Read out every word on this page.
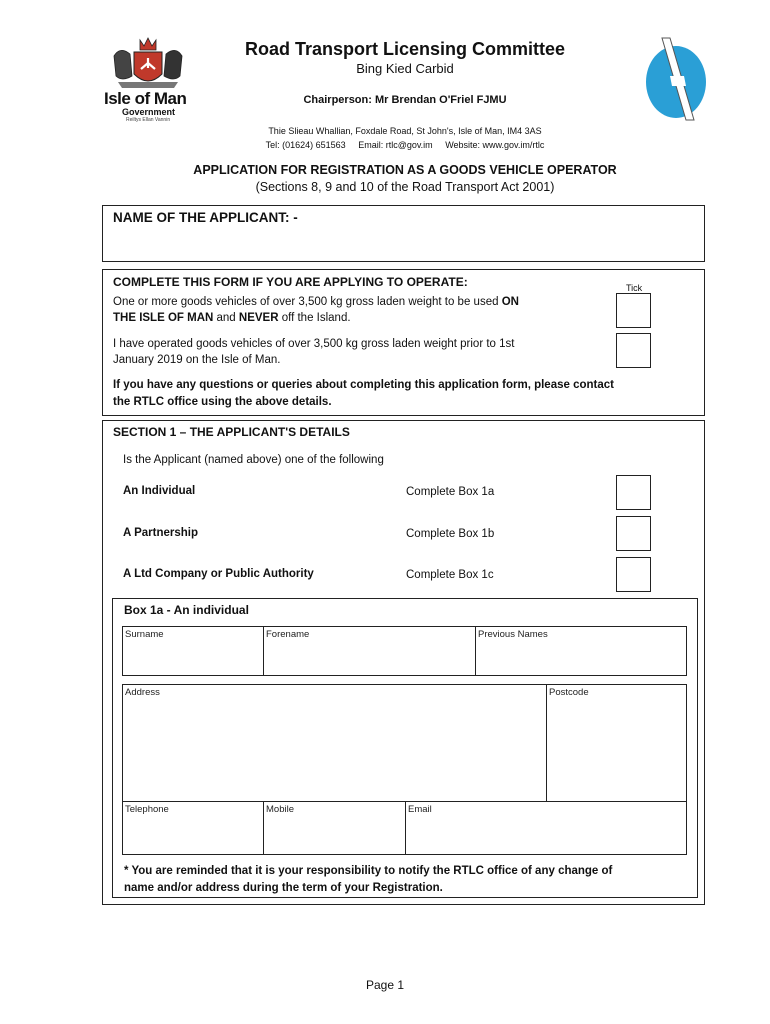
Isle of Man
Government
Reiltys Ellan Vannin
Road Transport Licensing Committee
Bing Kied Carbid
Chairperson: Mr Brendan O'Friel FJMU
Thie Slieau Whallian, Foxdale Road, St John's, Isle of Man, IM4 3AS
Tel: (01624) 651563 Email: rtlc@gov.im Website: www.gov.im/rtlc
APPLICATION FOR REGISTRATION AS A GOODS VEHICLE OPERATOR
(Sections 8, 9 and 10 of the Road Transport Act 2001)
NAME OF THE APPLICANT: -
COMPLETE THIS FORM IF YOU ARE APPLYING TO OPERATE:	Tick
One or more goods vehicles of over 3,500 kg gross laden weight to be used ON
THE ISLE OF MAN and NEVER off the Island.
I have operated goods vehicles of over 3,500 kg gross laden weight prior to 1st
January 2019 on the Isle of Man.
If you have any questions or queries about completing this application form, please contact
the RTLC office using the above details.
SECTION 1 – THE APPLICANT'S DETAILS
Is the Applicant (named above) one of the following
An Individual	Complete Box 1a
A Partnership	Complete Box 1b
A Ltd Company or Public Authority	Complete Box 1c
Box 1a - An individual
Surname	Forename	Previous Names
Address	Postcode
Telephone	Mobile	Email
* You are reminded that it is your responsibility to notify the RTLC office of any change of
name and/or address during the term of your Registration.
Page 1
